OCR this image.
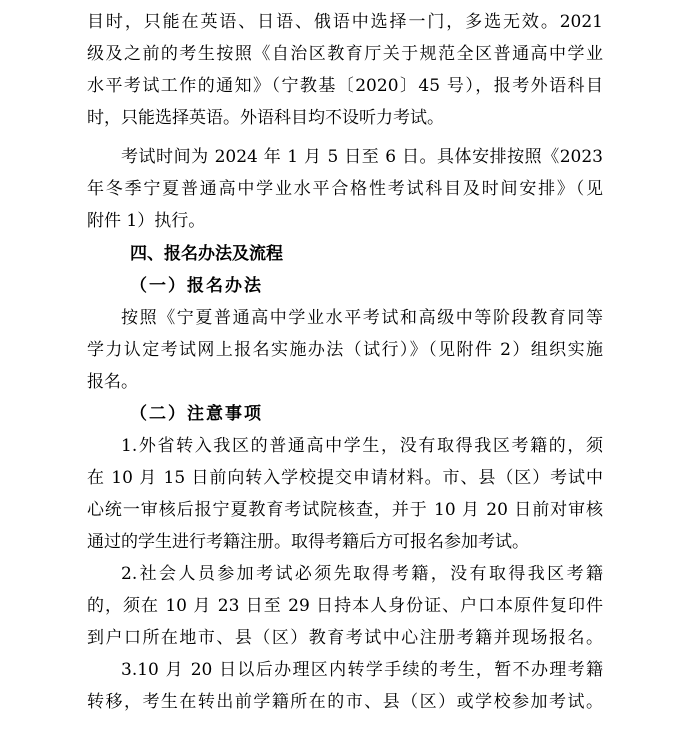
目时，只能在英语、日语、俄语中选择一门，多选无效。2021
级及之前的考生按照《自治区教育厅关于规范全区普通高中学业
水平考试工作的通知》（宁教基〔2020〕45 号），报考外语科目
时，只能选择英语。外语科目均不设听力考试。
考试时间为 2024 年 1 月 5 日至 6 日。具体安排按照《2023
年冬季宁夏普通高中学业水平合格性考试科目及时间安排》（见
附件 1）执行。
四、报名办法及流程
（一）报名办法
按照《宁夏普通高中学业水平考试和高级中等阶段教育同等
学力认定考试网上报名实施办法（试行）》（见附件 2）组织实施
报名。
（二）注意事项
1.外省转入我区的普通高中学生，没有取得我区考籍的，须
在 10 月 15 日前向转入学校提交申请材料。市、县（区）考试中
心统一审核后报宁夏教育考试院核查，并于 10 月 20 日前对审核
通过的学生进行考籍注册。取得考籍后方可报名参加考试。
2.社会人员参加考试必须先取得考籍，没有取得我区考籍
的，须在 10 月 23 日至 29 日持本人身份证、户口本原件复印件
到户口所在地市、县（区）教育考试中心注册考籍并现场报名。
3.10 月 20 日以后办理区内转学手续的考生，暂不办理考籍
转移，考生在转出前学籍所在的市、县（区）或学校参加考试。
